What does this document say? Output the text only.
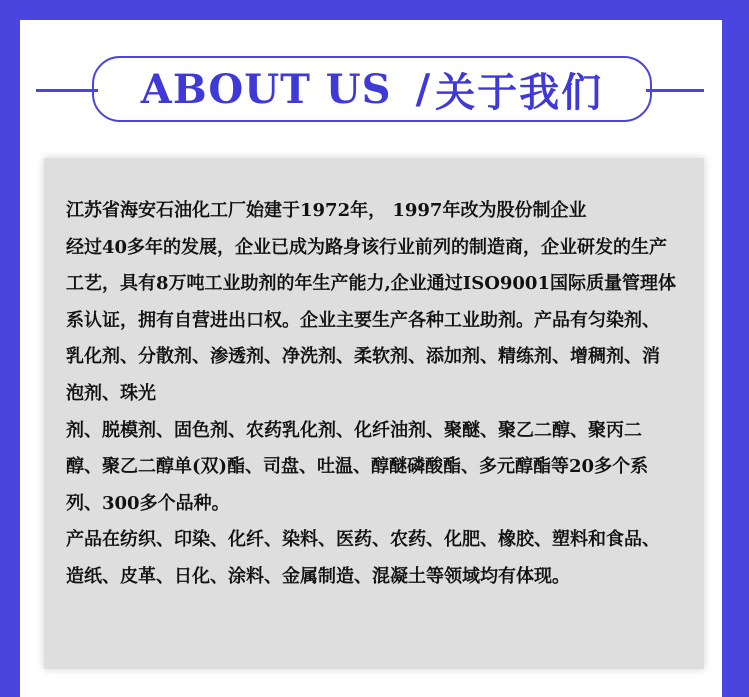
ABOUT US / 关于我们
江苏省海安石油化工厂始建于1972年， 1997年改为股份制企业
经过40多年的发展，企业已成为路身该行业前列的制造商，企业研发的生产
工艺，具有8万吨工业助剂的年生产能力,企业通过ISO9001国际质量管理体
系认证，拥有自营进出口权。企业主要生产各种工业助剂。产品有匀染剂、
乳化剂、分散剂、渗透剂、净洗剂、柔软剂、添加剂、精练剂、增稠剂、消
泡剂、珠光
剂、脱模剂、固色剂、农药乳化剂、化纤油剂、聚醚、聚乙二醇、聚丙二
醇、聚乙二醇单(双)酯、司盘、吐温、醇醚磷酸酯、多元醇酯等20多个系
列、300多个品种。
产品在纺织、印染、化纤、染料、医药、农药、化肥、橡胶、塑料和食品、
造纸、皮革、日化、涂料、金属制造、混凝土等领域均有体现。
